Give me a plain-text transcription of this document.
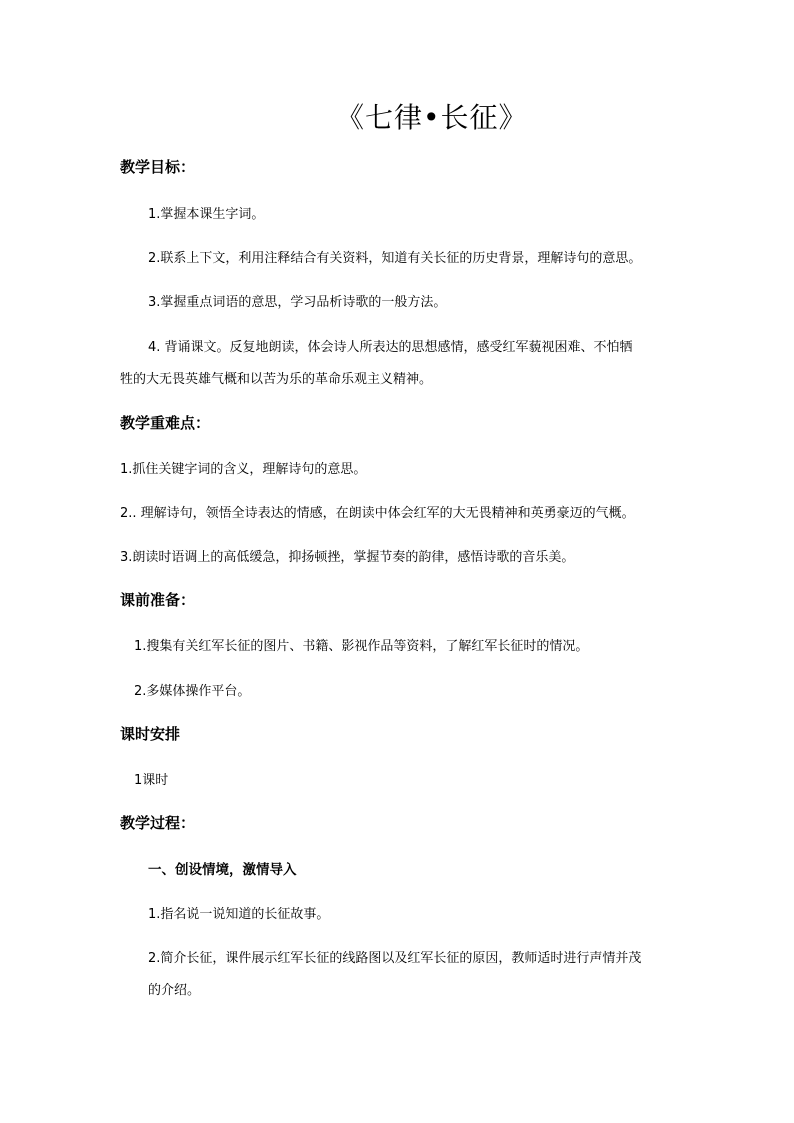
《七律•长征》
教学目标：
1.掌握本课生字词。
2.联系上下文，利用注释结合有关资料，知道有关长征的历史背景，理解诗句的意思。
3.掌握重点词语的意思，学习品析诗歌的一般方法。
4. 背诵课文。反复地朗读，体会诗人所表达的思想感情，感受红军藐视困难、不怕牺
牲的大无畏英雄气概和以苦为乐的革命乐观主义精神。
教学重难点：
1.抓住关键字词的含义，理解诗句的意思。
2.. 理解诗句，领悟全诗表达的情感，在朗读中体会红军的大无畏精神和英勇豪迈的气概。
3.朗读时语调上的高低缓急，抑扬顿挫，掌握节奏的韵律，感悟诗歌的音乐美。
课前准备：
1.搜集有关红军长征的图片、书籍、影视作品等资料，了解红军长征时的情况。
2.多媒体操作平台。
课时安排
1课时
教学过程：
一、创设情境，激情导入
1.指名说一说知道的长征故事。
2.简介长征，课件展示红军长征的线路图以及红军长征的原因，教师适时进行声情并茂
的介绍。
